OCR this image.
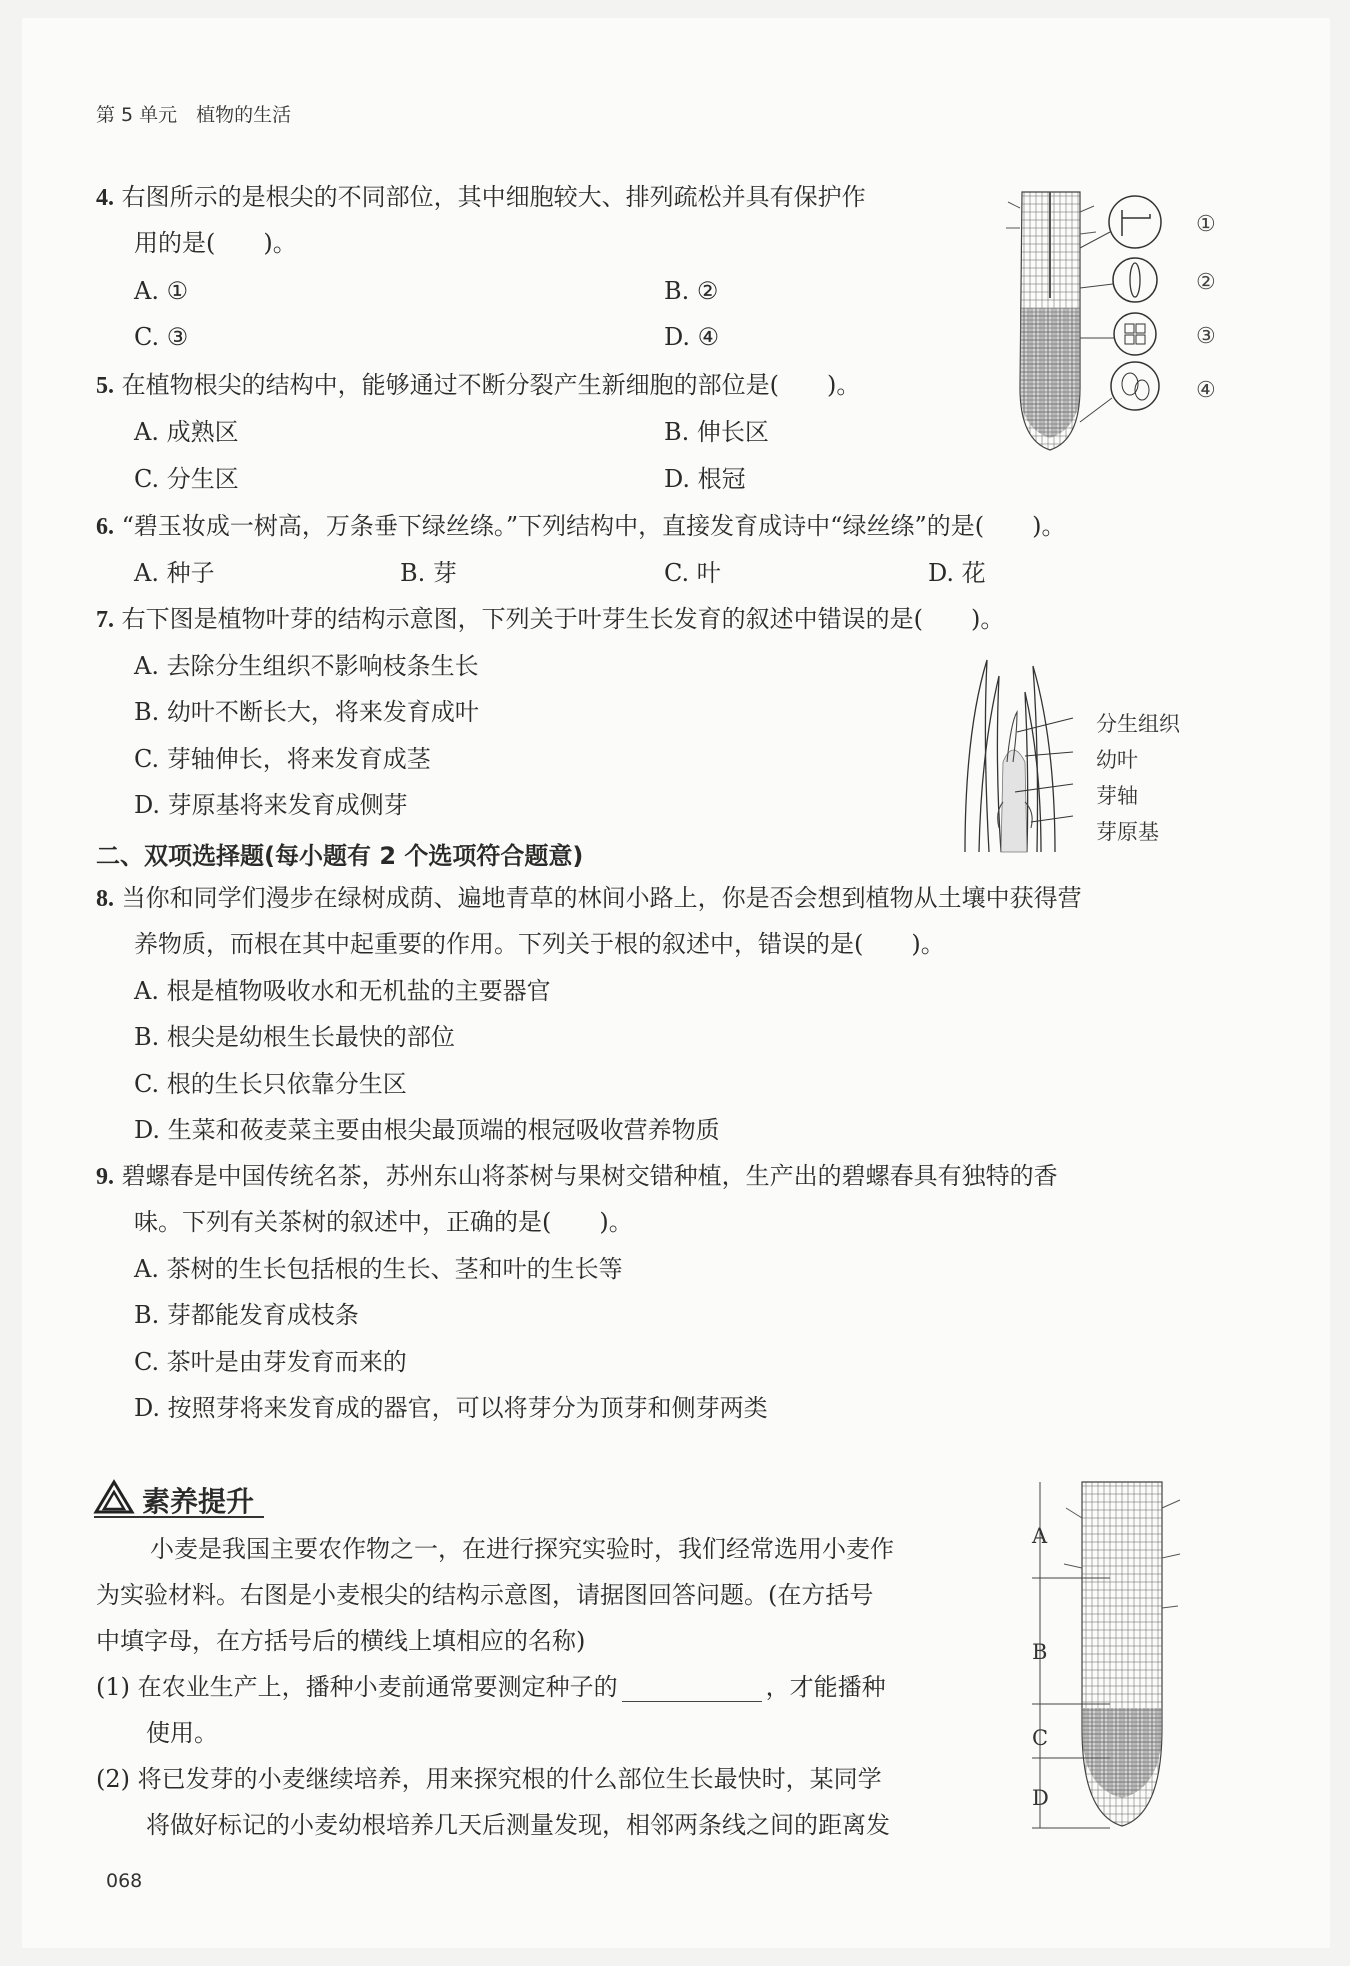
第 5 单元　植物的生活
4. 右图所示的是根尖的不同部位，其中细胞较大、排列疏松并具有保护作
用的是(　　)。
A. ①	B. ②
C. ③	D. ④
5. 在植物根尖的结构中，能够通过不断分裂产生新细胞的部位是(　　)。
A. 成熟区	B. 伸长区
C. 分生区	D. 根冠
6. “碧玉妆成一树高，万条垂下绿丝绦。”下列结构中，直接发育成诗中“绿丝绦”的是(　　)。
A. 种子	B. 芽	C. 叶	D. 花
7. 右下图是植物叶芽的结构示意图，下列关于叶芽生长发育的叙述中错误的是(　　)。
A. 去除分生组织不影响枝条生长
B. 幼叶不断长大，将来发育成叶
C. 芽轴伸长，将来发育成茎
D. 芽原基将来发育成侧芽
二、双项选择题(每小题有 2 个选项符合题意)
8. 当你和同学们漫步在绿树成荫、遍地青草的林间小路上，你是否会想到植物从土壤中获得营
养物质，而根在其中起重要的作用。下列关于根的叙述中，错误的是(　　)。
A. 根是植物吸收水和无机盐的主要器官
B. 根尖是幼根生长最快的部位
C. 根的生长只依靠分生区
D. 生菜和莜麦菜主要由根尖最顶端的根冠吸收营养物质
9. 碧螺春是中国传统名茶，苏州东山将茶树与果树交错种植，生产出的碧螺春具有独特的香
味。下列有关茶树的叙述中，正确的是(　　)。
A. 茶树的生长包括根的生长、茎和叶的生长等
B. 芽都能发育成枝条
C. 茶叶是由芽发育而来的
D. 按照芽将来发育成的器官，可以将芽分为顶芽和侧芽两类
素养提升
小麦是我国主要农作物之一，在进行探究实验时，我们经常选用小麦作
为实验材料。右图是小麦根尖的结构示意图，请据图回答问题。(在方括号
中填字母，在方括号后的横线上填相应的名称)
(1) 在农业生产上，播种小麦前通常要测定种子的	，才能播种
使用。
(2) 将已发芽的小麦继续培养，用来探究根的什么部位生长最快时，某同学
将做好标记的小麦幼根培养几天后测量发现，相邻两条线之间的距离发
068
①
②
③
④
分生组织
幼叶
芽轴
芽原基
A
B
C
D
